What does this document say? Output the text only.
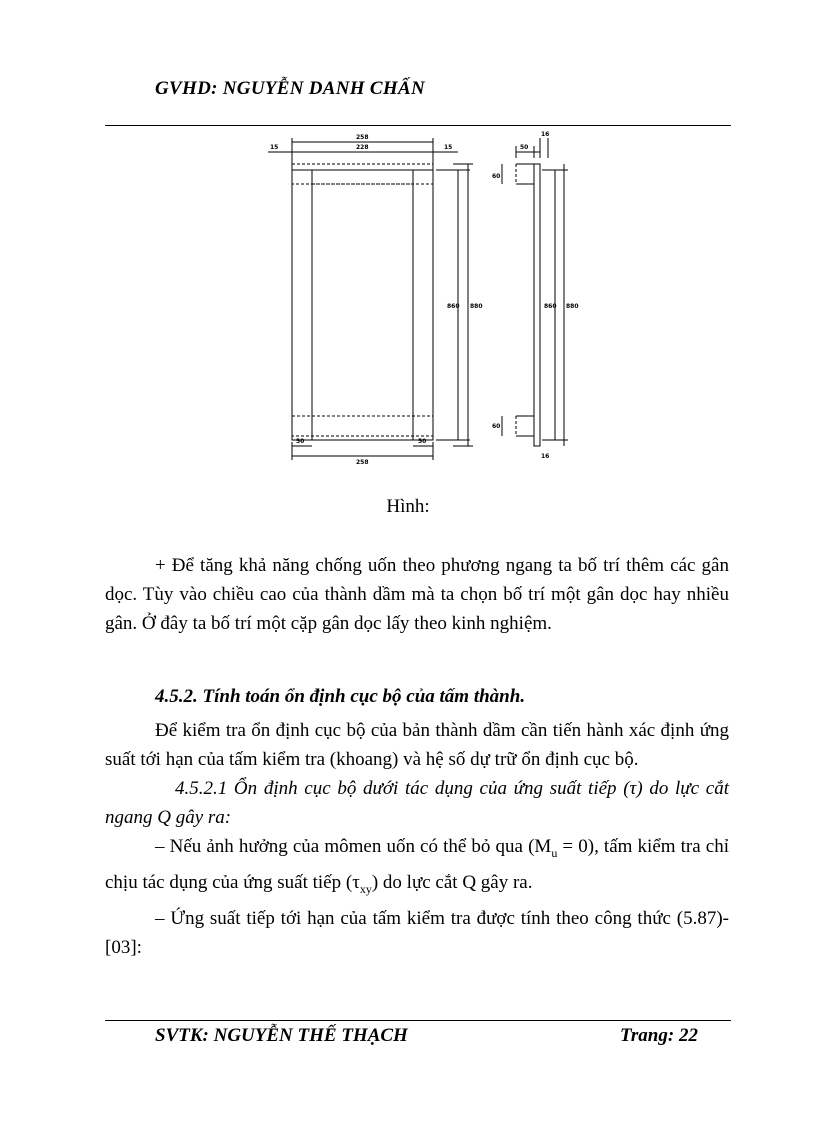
GVHD: NGUYỄN DANH CHẤN
258
228
15	15
258
50	50
50
16
60
60
16
860 880	860 880
Hình:

+ Để tăng khả năng chống uốn theo phương ngang ta bố trí thêm các gân dọc. Tùy vào chiều cao của thành dầm mà ta chọn bố trí một gân dọc hay nhiều gân. Ở đây ta bố trí một cặp gân dọc lấy theo kinh nghiệm.

4.5.2. Tính toán ổn định cục bộ của tấm thành.

Để kiểm tra ổn định cục bộ của bản thành dầm cần tiến hành xác định ứng suất tới hạn của tấm kiểm tra (khoang) và hệ số dự trữ ổn định cục bộ.

4.5.2.1 Ổn định cục bộ dưới tác dụng của ứng suất tiếp (τ) do lực cắt ngang Q gây ra:

– Nếu ảnh hưởng của mômen uốn có thể bỏ qua $(M_u = 0)$, tấm kiểm tra chỉ chịu tác dụng của ứng suất tiếp $(\tau_{xy})$ do lực cắt Q gây ra.

– Ứng suất tiếp tới hạn của tấm kiểm tra được tính theo công thức (5.87)-[03]:

SVTK: NGUYỄN THẾ THẠCH	Trang: 22
